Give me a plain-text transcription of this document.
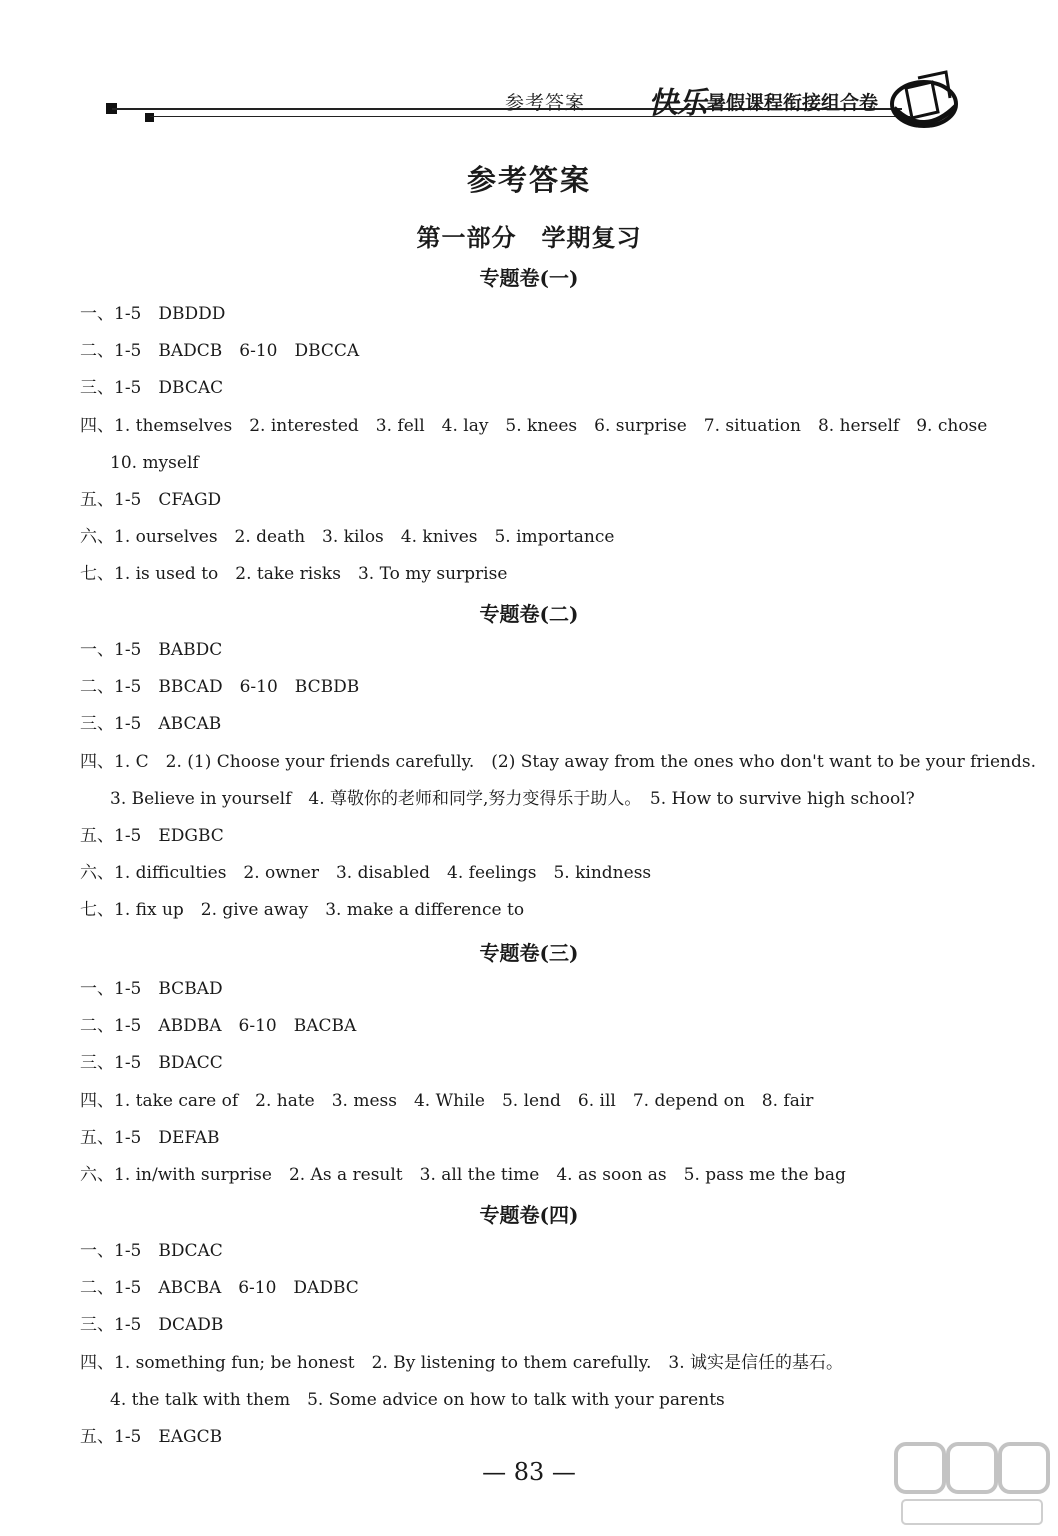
参考答案 快乐 暑假课程衔接组合卷
参考答案
第一部分　学期复习
专题卷(一)
一、1-5　DBDDD
二、1-5　BADCB　6-10　DBCCA
三、1-5　DBCAC
四、1. themselves　2. interested　3. fell　4. lay　5. knees　6. surprise　7. situation　8. herself　9. chose
10. myself
五、1-5　CFAGD
六、1. ourselves　2. death　3. kilos　4. knives　5. importance
七、1. is used to　2. take risks　3. To my surprise
专题卷(二)
一、1-5　BABDC
二、1-5　BBCAD　6-10　BCBDB
三、1-5　ABCAB
四、1. C　2. (1) Choose your friends carefully.　(2) Stay away from the ones who don't want to be your friends.
3. Believe in yourself　4. 尊敬你的老师和同学,努力变得乐于助人。　5. How to survive high school?
五、1-5　EDGBC
六、1. difficulties　2. owner　3. disabled　4. feelings　5. kindness
七、1. fix up　2. give away　3. make a difference to
专题卷(三)
一、1-5　BCBAD
二、1-5　ABDBA　6-10　BACBA
三、1-5　BDACC
四、1. take care of　2. hate　3. mess　4. While　5. lend　6. ill　7. depend on　8. fair
五、1-5　DEFAB
六、1. in/with surprise　2. As a result　3. all the time　4. as soon as　5. pass me the bag
专题卷(四)
一、1-5　BDCAC
二、1-5　ABCBA　6-10　DADBC
三、1-5　DCADB
四、1. something fun; be honest　2. By listening to them carefully.　3. 诚实是信任的基石。
4. the talk with them　5. Some advice on how to talk with your parents
五、1-5　EAGCB
— 83 —
